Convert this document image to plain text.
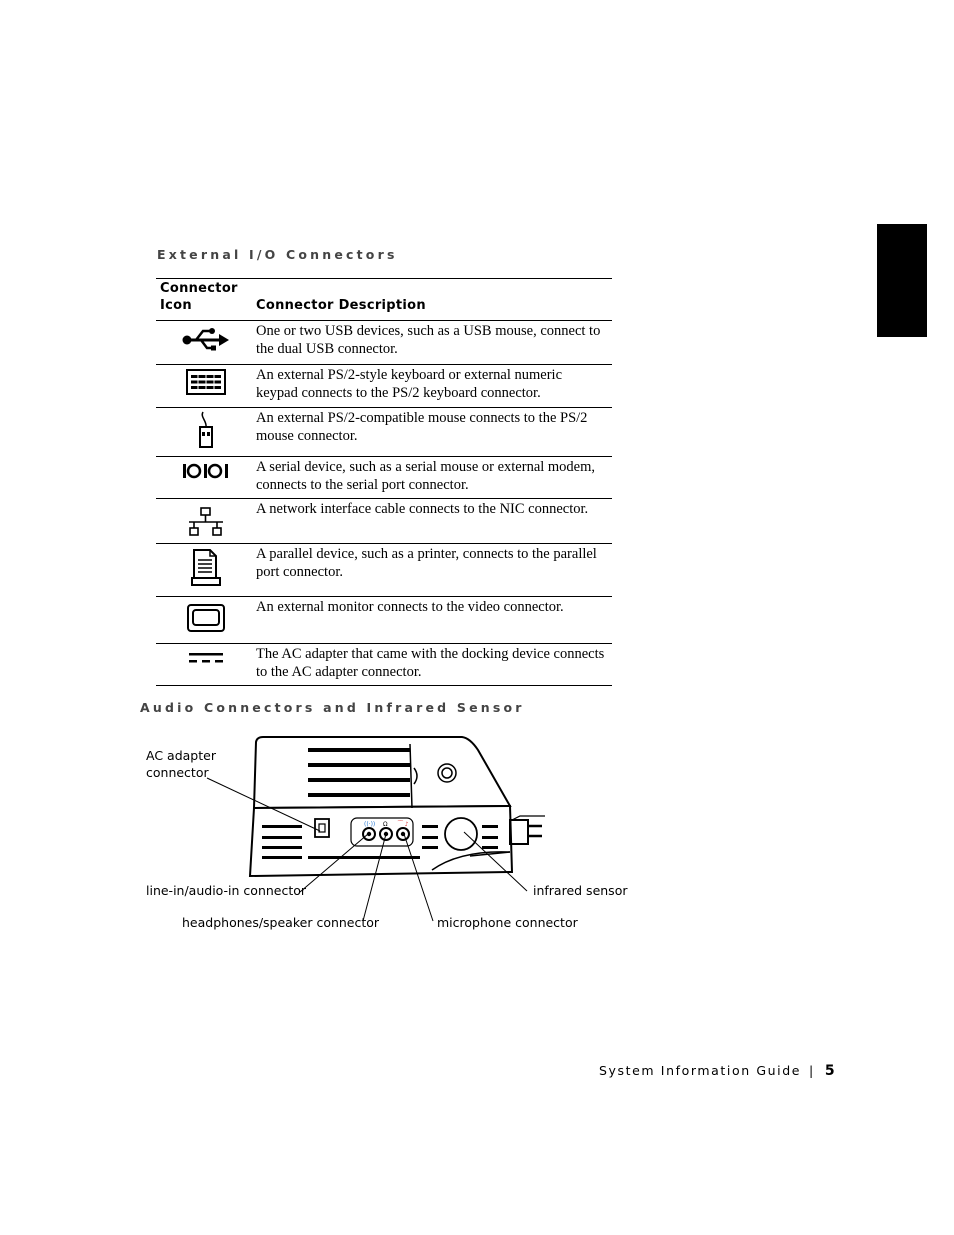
External I/O Connectors
Connector
Icon	Connector Description

	One or two USB devices, such as a USB mouse, connect to the dual USB connector.

	An external PS/2-style keyboard or external numeric keypad connects to the PS/2 keyboard connector.

	An external PS/2-compatible mouse connects to the PS/2 mouse connector.

	A serial device, such as a serial mouse or external modem, connects to the serial port connector.

	A network interface cable connects to the NIC connector.

	A parallel device, such as a printer, connects to the parallel port connector.

	An external monitor connects to the video connector.

	The AC adapter that came with the docking device connects to the AC adapter connector.
Audio Connectors and Infrared Sensor
((·)) Ω ⁀ ♪
AC adapter
connector
line-in/audio-in connector
headphones/speaker connector	microphone connector
infrared sensor
System Information Guide | 5
